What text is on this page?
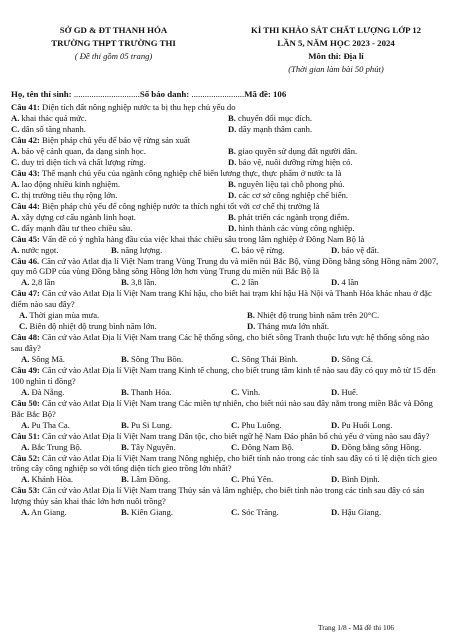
SỞ GD & ĐT THANH HÓA
TRƯỜNG THPT TRƯỜNG THI
( Đề thi gồm 05 trang)
KÌ THI KHẢO SÁT CHẤT LƯỢNG LỚP 12
LẦN 5, NĂM HỌC 2023 - 2024
Môn thi: Địa lí
(Thời gian làm bài 50 phút)
Họ, tên thí sinh: ..............................Số báo danh: ........................Mã đề: 106
Câu 41: Diện tích đất nông nghiệp nước ta bị thu hẹp chủ yếu do
A. khai thác quá mức.	B. chuyển đổi mục đích.
C. dân số tăng nhanh.	D. dãy mạnh thâm canh.
Câu 42: Biện pháp chủ yếu để bảo vệ rừng sản xuất
A. bảo vệ cảnh quan, đa dạng sinh học.	B. giao quyền sử dụng đất người dân.
C. duy trì diện tích và chất lượng rừng.	D. bảo vệ, nuôi dưỡng rừng hiện có.
Câu 43: Thế mạnh chủ yếu của ngành công nghiệp chế biến lương thực, thực phẩm ở nước ta là
A. lao động nhiều kinh nghiệm.	B. nguyên liệu tại chỗ phong phú.
C. thị trường tiêu thụ rộng lớn.	D. các cơ sở công nghiệp chế biến.
Câu 44: Biện pháp chủ yếu để công nghiệp nước ta thích nghi tốt với cơ chế thị trường là
A. xây dựng cơ cấu ngành linh hoạt.	B. phát triển các ngành trọng điểm.
C. đẩy mạnh đầu tư theo chiều sâu.	D. hình thành các vùng công nghiệp.
Câu 45: Vấn đề có ý nghĩa hàng đầu của việc khai thác chiều sâu trong lâm nghiệp ở Đông Nam Bộ là
A. nước ngọt.	B. năng lượng.	C. bảo vệ rừng.	D. bảo vệ đất.
Câu 46. Căn cứ vào Atlat địa lí Việt Nam trang Vùng Trung du và miền núi Bắc Bộ, vùng Đồng bằng sông Hồng năm 2007, quy mô GDP của vùng Đồng bằng sông Hồng lớn hơn vùng Trung du miền núi Bắc Bộ là
A. 2,8 lần	B. 3,8 lần.	C. 2 lần	D. 4 lần
Câu 47: Căn cứ vào Atlat Địa lí Việt Nam trang Khí hậu, cho biết hai trạm khí hậu Hà Nội và Thanh Hóa khác nhau ở đặc điểm nào sau đây?
A. Thời gian mùa mưa.	B. Nhiệt độ trung bình năm trên 20°C.
C. Biên độ nhiệt độ trung bình năm lớn.	D. Tháng mưa lớn nhất.
Câu 48: Căn cứ vào Atlat Địa lí Việt Nam trang Các hệ thống sông, cho biết sông Tranh thuộc lưu vực hệ thống sông nào sau đây?
A. Sông Mã.	B. Sông Thu Bồn.	C. Sông Thái Bình.	D. Sông Cả.
Câu 49: Căn cứ vào Atlat Địa lí Việt Nam trang Kinh tế chung, cho biết trung tâm kinh tế nào sau đây có quy mô từ 15 đến 100 nghìn tỉ đồng?
A. Đà Nẵng.	B. Thanh Hóa.	C. Vinh.	D. Huế.
Câu 50: Căn cứ vào Atlat Địa lí Việt Nam trang Các miền tự nhiên, cho biết núi nào sau đây nằm trong miền Bắc và Đông Bắc Bắc Bộ?
A. Pu Tha Ca.	B. Pu Si Lung.	C. Phu Luông.	D. Pu Huổi Long.
Câu 51: Căn cứ vào Atlat Địa lí Việt Nam trang Dân tộc, cho biết ngữ hệ Nam Đảo phân bố chủ yếu ở vùng nào sau đây?
A. Bắc Trung Bộ.	B. Tây Nguyên.	C. Đông Nam Bộ.	D. Đồng bằng sông Hồng.
Câu 52: Căn cứ vào Atlat Địa lí Việt Nam trang Nông nghiệp, cho biết tỉnh nào trong các tỉnh sau đây có tỉ lệ diện tích gieo trồng cây công nghiệp so với tổng diện tích gieo trồng lớn nhất?
A. Khánh Hòa.	B. Lâm Đồng.	C. Phú Yên.	D. Bình Định.
Câu 53: Căn cứ vào Atlat Địa lí Việt Nam trang Thủy sản và lâm nghiệp, cho biết tỉnh nào trong các tỉnh sau đây có sản lượng thủy sản khai thác lớn hơn nuôi trồng?
A. An Giang.	B. Kiên Giang.	C. Sóc Trăng.	D. Hậu Giang.
Trang 1/8 - Mã đề thi 106
